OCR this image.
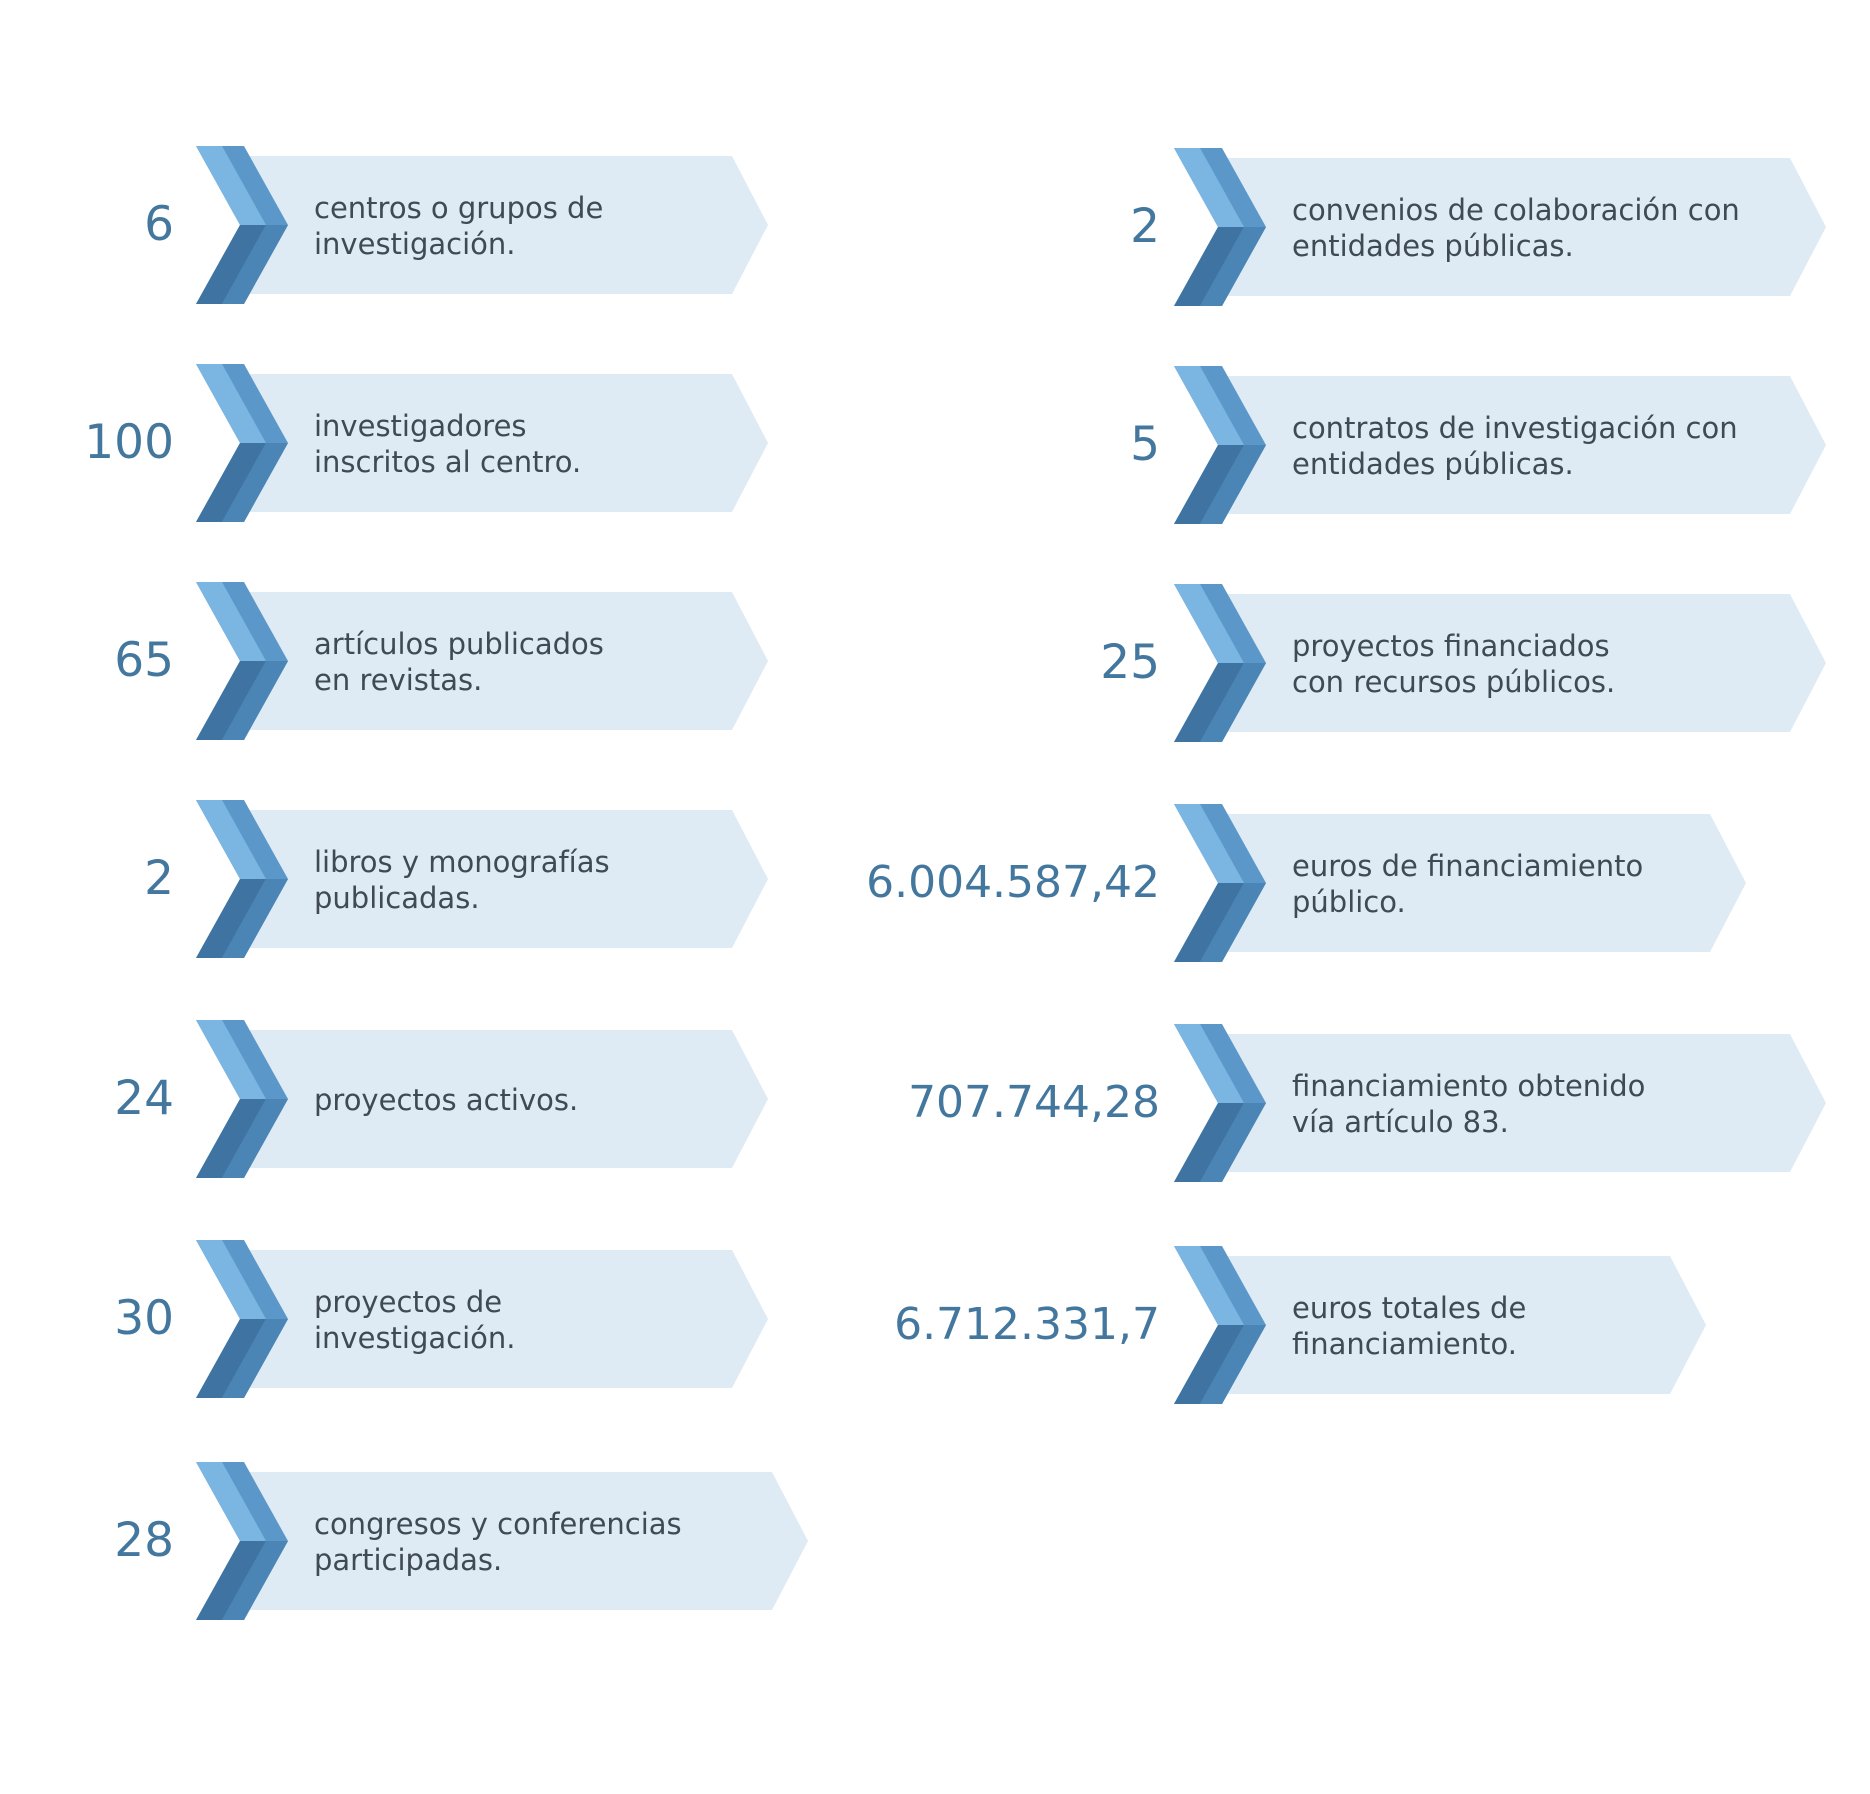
6	centros o grupos de
investigación.
100	investigadores
inscritos al centro.
65	artículos publicados
en revistas.
2	libros y monografías
publicadas.
24	proyectos activos.
30	proyectos de
investigación.
28	congresos y conferencias
participadas.
2	convenios de colaboración con
entidades públicas.
5	contratos de investigación con
entidades públicas.
25	proyectos financiados
con recursos públicos.
6.004.587,42	euros de financiamiento
público.
707.744,28	financiamiento obtenido
vía artículo 83.
6.712.331,7	euros totales de
financiamiento.
